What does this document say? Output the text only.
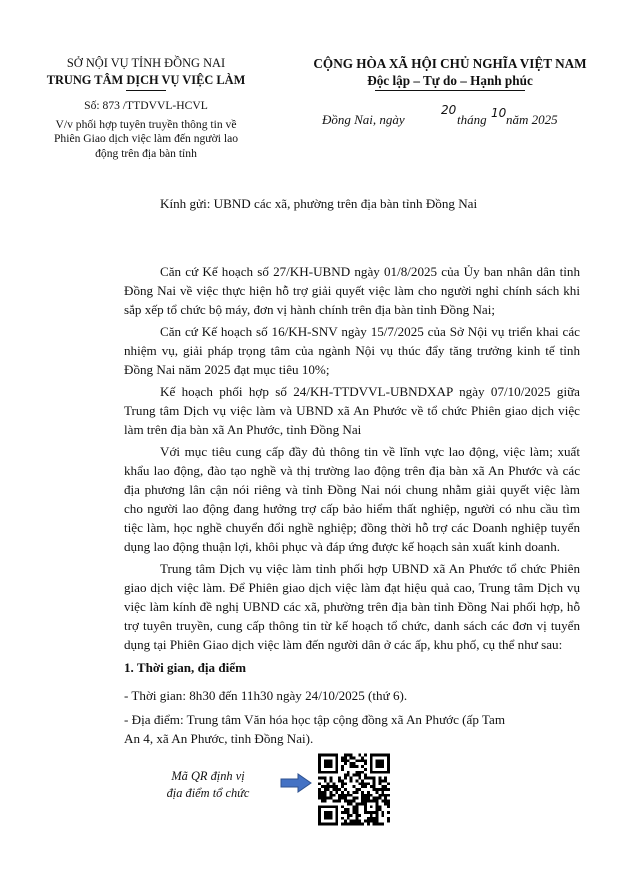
SỞ NỘI VỤ TỈNH ĐỒNG NAI
TRUNG TÂM DỊCH VỤ VIỆC LÀM
Số: 873 /TTDVVL-HCVL
V/v phối hợp tuyên truyền thông tin về
Phiên Giao dịch việc làm đến người lao
động trên địa bàn tỉnh
CỘNG HÒA XÃ HỘI CHỦ NGHĨA VIỆT NAM
Độc lập – Tự do – Hạnh phúc
Đồng Nai, ngày
20
tháng 10 năm 2025
Kính gửi: UBND các xã, phường trên địa bàn tỉnh Đồng Nai

Căn cứ Kế hoạch số 27/KH-UBND ngày 01/8/2025 của Ủy ban nhân dân tỉnh Đồng Nai về việc thực hiện hỗ trợ giải quyết việc làm cho người nghỉ chính sách khi sắp xếp tổ chức bộ máy, đơn vị hành chính trên địa bàn tỉnh Đồng Nai;

Căn cứ Kế hoạch số 16/KH-SNV ngày 15/7/2025 của Sở Nội vụ triển khai các nhiệm vụ, giải pháp trọng tâm của ngành Nội vụ thúc đẩy tăng trưởng kinh tế tỉnh Đồng Nai năm 2025 đạt mục tiêu 10%;

Kế hoạch phối hợp số 24/KH-TTDVVL-UBNDXAP ngày 07/10/2025 giữa Trung tâm Dịch vụ việc làm và UBND xã An Phước về tổ chức Phiên giao dịch việc làm trên địa bàn xã An Phước, tỉnh Đồng Nai

Với mục tiêu cung cấp đầy đủ thông tin về lĩnh vực lao động, việc làm; xuất khẩu lao động, đào tạo nghề và thị trường lao động trên địa bàn xã An Phước và các địa phương lân cận nói riêng và tỉnh Đồng Nai nói chung nhằm giải quyết việc làm cho người lao động đang hưởng trợ cấp bảo hiểm thất nghiệp, người có nhu cầu tìm tiệc làm, học nghề chuyển đổi nghề nghiệp; đồng thời hỗ trợ các Doanh nghiệp tuyển dụng lao động thuận lợi, khôi phục và đáp ứng được kế hoạch sản xuất kinh doanh.

Trung tâm Dịch vụ việc làm tỉnh phối hợp UBND xã An Phước tổ chức Phiên giao dịch việc làm. Để Phiên giao dịch việc làm đạt hiệu quả cao, Trung tâm Dịch vụ việc làm kính đề nghị UBND các xã, phường trên địa bàn tỉnh Đồng Nai phối hợp, hỗ trợ tuyên truyền, cung cấp thông tin từ kế hoạch tổ chức, danh sách các đơn vị tuyển dụng tại Phiên Giao dịch việc làm đến người dân ở các ấp, khu phố, cụ thể như sau:

1. Thời gian, địa điểm
- Thời gian: 8h30 đến 11h30 ngày 24/10/2025 (thứ 6).
- Địa điểm: Trung tâm Văn hóa học tập cộng đồng xã An Phước (ấp Tam
An 4, xã An Phước, tỉnh Đồng Nai).
Mã QR định vị
địa điểm tổ chức
